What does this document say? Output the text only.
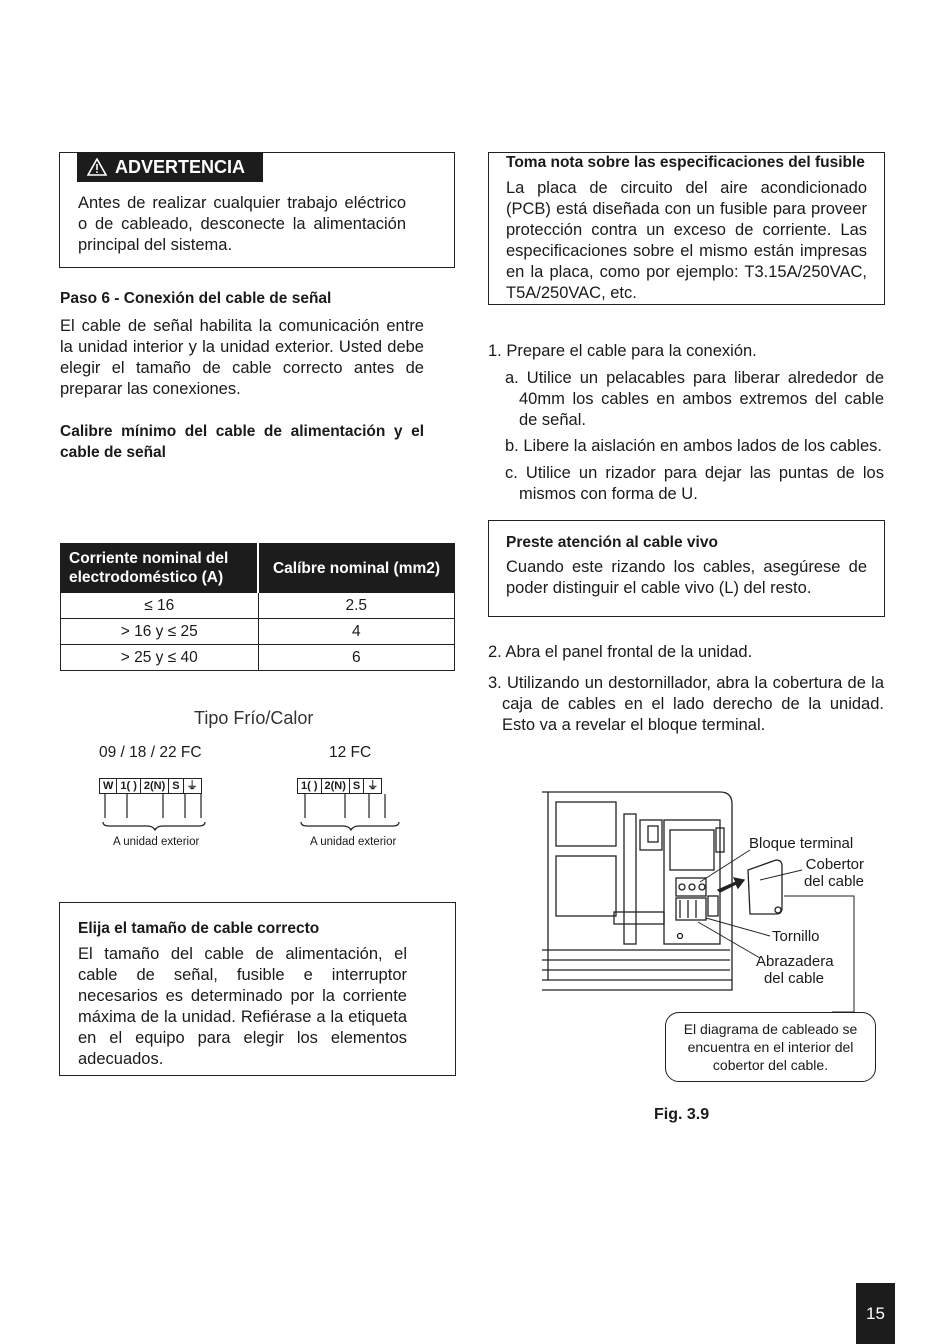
ADVERTENCIA

Antes de realizar cualquier trabajo eléctrico o de cableado, desconecte la alimentación principal del sistema.

Paso 6 - Conexión del cable de señal

El cable de señal habilita la comunicación entre la unidad interior y la unidad exterior. Usted debe elegir el tamaño de cable correcto antes de preparar las conexiones.

Calibre mínimo del cable de alimentación y el cable de señal

Corriente nominal del electrodoméstico (A)	Calíbre nominal (mm2)
≤ 16	2.5
> 16 y ≤ 25	4
> 25 y ≤ 40	6

Tipo Frío/Calor

09 / 18 / 22 FC	12 FC

W 1( ) 2(N) S ⏚	1( ) 2(N) S ⏚

A unidad exterior	A unidad exterior

Elija el tamaño de cable correcto

El tamaño del cable de alimentación, el cable de señal, fusible e interruptor necesarios es determinado por la corriente máxima de la unidad. Refiérase a la etiqueta en el equipo para elegir los elementos adecuados.

Toma nota sobre las especificaciones del fusible

La placa de circuito del aire acondicionado (PCB) está diseñada con un fusible para proveer protección contra un exceso de corriente. Las especificaciones sobre el mismo están impresas en la placa, como por ejemplo: T3.15A/250VAC, T5A/250VAC, etc.

1. Prepare el cable para la conexión.

a. Utilice un pelacables para liberar alrededor de 40mm los cables en ambos extremos del cable de señal.

b. Libere la aislación en ambos lados de los cables.

c. Utilice un rizador para dejar las puntas de los mismos con forma de U.

Preste atención al cable vivo

Cuando este rizando los cables, asegúrese de poder distinguir el cable vivo (L) del resto.

2. Abra el panel frontal de la unidad.

3. Utilizando un destornillador, abra la cobertura de la caja de cables en el lado derecho de la unidad. Esto va a revelar el bloque terminal.

Bloque terminal

Cobertor del cable

Tornillo

Abrazadera del cable

El diagrama de cableado se encuentra en el interior del cobertor del cable.

Fig. 3.9

15
